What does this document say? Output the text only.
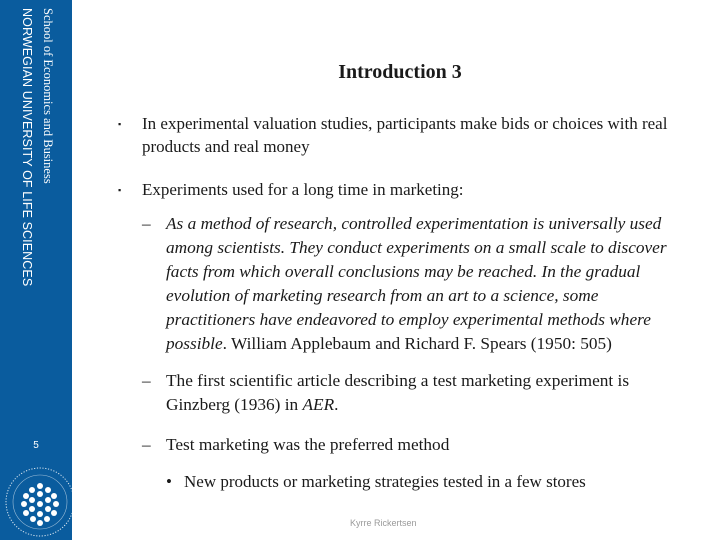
School of Economics and Business
NORWEGIAN UNIVERSITY OF LIFE SCIENCES
5
Introduction 3
▪	In experimental valuation studies, participants make bids or choices with real products and real money
▪	Experiments used for a long time in marketing:
– As a method of research, controlled experimentation is universally used among scientists. They conduct experiments on a small scale to discover facts from which overall conclusions may be reached. In the gradual evolution of marketing research from an art to a science, some practitioners have endeavored to employ experimental methods where possible. William Applebaum and Richard F. Spears (1950: 505)
– The first scientific article describing a test marketing experiment is Ginzberg (1936) in AER.
– Test marketing was the preferred method
• New products or marketing strategies tested in a few stores
Kyrre Rickertsen
